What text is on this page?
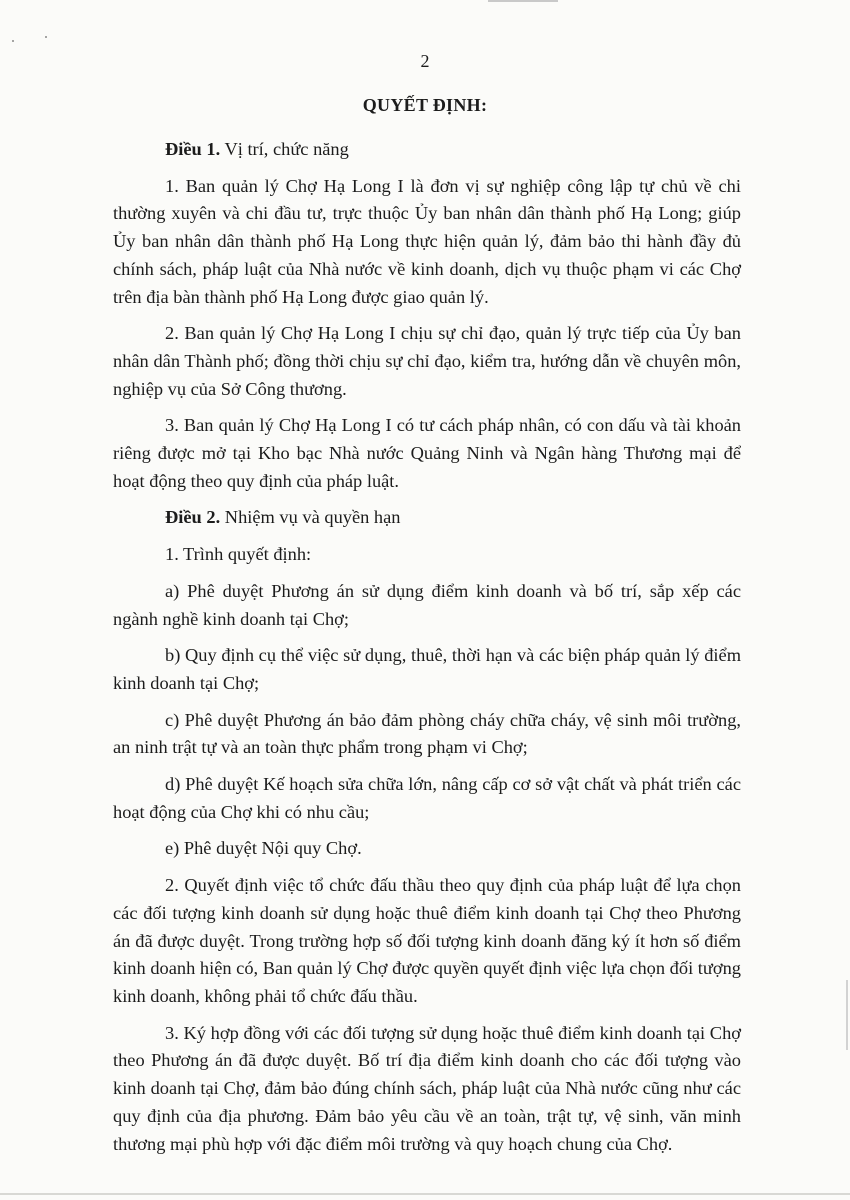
2
QUYẾT ĐỊNH:

Điều 1. Vị trí, chức năng

1. Ban quản lý Chợ Hạ Long I là đơn vị sự nghiệp công lập tự chủ về chi thường xuyên và chi đầu tư, trực thuộc Ủy ban nhân dân thành phố Hạ Long; giúp Ủy ban nhân dân thành phố Hạ Long thực hiện quản lý, đảm bảo thi hành đầy đủ chính sách, pháp luật của Nhà nước về kinh doanh, dịch vụ thuộc phạm vi các Chợ trên địa bàn thành phố Hạ Long được giao quản lý.

2. Ban quản lý Chợ Hạ Long I chịu sự chỉ đạo, quản lý trực tiếp của Ủy ban nhân dân Thành phố; đồng thời chịu sự chỉ đạo, kiểm tra, hướng dẫn về chuyên môn, nghiệp vụ của Sở Công thương.

3. Ban quản lý Chợ Hạ Long I có tư cách pháp nhân, có con dấu và tài khoản riêng được mở tại Kho bạc Nhà nước Quảng Ninh và Ngân hàng Thương mại để hoạt động theo quy định của pháp luật.

Điều 2. Nhiệm vụ và quyền hạn

1. Trình quyết định:

a) Phê duyệt Phương án sử dụng điểm kinh doanh và bố trí, sắp xếp các ngành nghề kinh doanh tại Chợ;

b) Quy định cụ thể việc sử dụng, thuê, thời hạn và các biện pháp quản lý điểm kinh doanh tại Chợ;

c) Phê duyệt Phương án bảo đảm phòng cháy chữa cháy, vệ sinh môi trường, an ninh trật tự và an toàn thực phẩm trong phạm vi Chợ;

d) Phê duyệt Kế hoạch sửa chữa lớn, nâng cấp cơ sở vật chất và phát triển các hoạt động của Chợ khi có nhu cầu;

e) Phê duyệt Nội quy Chợ.

2. Quyết định việc tổ chức đấu thầu theo quy định của pháp luật để lựa chọn các đối tượng kinh doanh sử dụng hoặc thuê điểm kinh doanh tại Chợ theo Phương án đã được duyệt. Trong trường hợp số đối tượng kinh doanh đăng ký ít hơn số điểm kinh doanh hiện có, Ban quản lý Chợ được quyền quyết định việc lựa chọn đối tượng kinh doanh, không phải tổ chức đấu thầu.

3. Ký hợp đồng với các đối tượng sử dụng hoặc thuê điểm kinh doanh tại Chợ theo Phương án đã được duyệt. Bố trí địa điểm kinh doanh cho các đối tượng vào kinh doanh tại Chợ, đảm bảo đúng chính sách, pháp luật của Nhà nước cũng như các quy định của địa phương. Đảm bảo yêu cầu về an toàn, trật tự, vệ sinh, văn minh thương mại phù hợp với đặc điểm môi trường và quy hoạch chung của Chợ.
